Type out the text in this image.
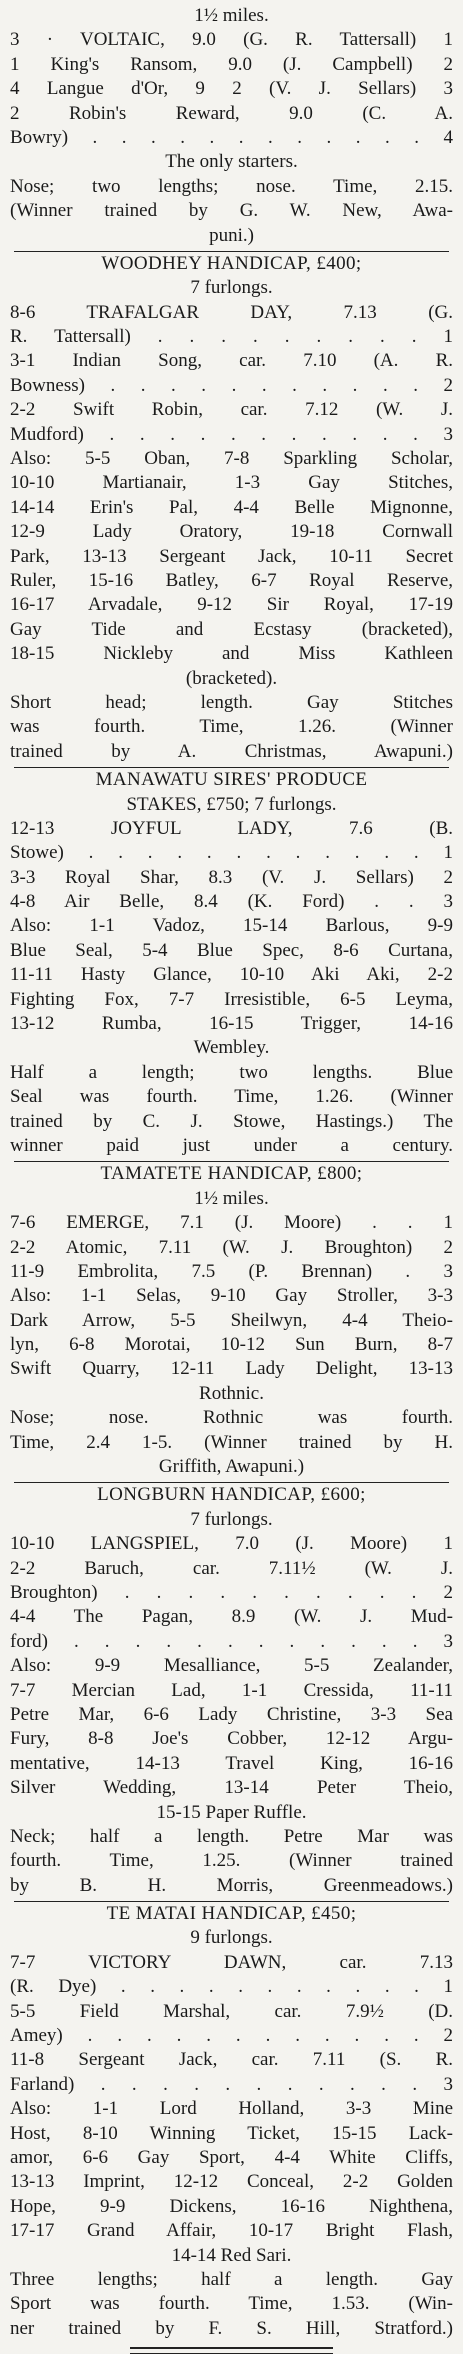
1½ miles.
3 · VOLTAIC, 9.0 (G. R. Tattersall) 1
1 King's Ransom, 9.0 (J. Campbell) 2
4 Langue d'Or, 9 2 (V. J. Sellars) 3
2 Robin's Reward, 9.0 (C. A.
Bowry) . . . . . . . . . . . . 4
The only starters.
Nose; two lengths; nose. Time, 2.15.
(Winner trained by G. W. New, Awa-
puni.)
WOODHEY HANDICAP, £400;
7 furlongs.
8-6 TRAFALGAR DAY, 7.13 (G.
R. Tattersall) . . . . . . . . . 1
3-1 Indian Song, car. 7.10 (A. R.
Bowness) . . . . . . . . . . . 2
2-2 Swift Robin, car. 7.12 (W. J.
Mudford) . . . . . . . . . . . 3
Also: 5-5 Oban, 7-8 Sparkling Scholar,
10-10 Martianair, 1-3 Gay Stitches,
14-14 Erin's Pal, 4-4 Belle Mignonne,
12-9 Lady Oratory, 19-18 Cornwall
Park, 13-13 Sergeant Jack, 10-11 Secret
Ruler, 15-16 Batley, 6-7 Royal Reserve,
16-17 Arvadale, 9-12 Sir Royal, 17-19
Gay Tide and Ecstasy (bracketed),
18-15 Nickleby and Miss Kathleen
(bracketed).
Short head; length. Gay Stitches
was fourth. Time, 1.26. (Winner
trained by A. Christmas, Awapuni.)
MANAWATU SIRES' PRODUCE
STAKES, £750; 7 furlongs.
12-13 JOYFUL LADY, 7.6 (B.
Stowe) . . . . . . . . . . . . 1
3-3 Royal Shar, 8.3 (V. J. Sellars) 2
4-8 Air Belle, 8.4 (K. Ford) . . 3
Also: 1-1 Vadoz, 15-14 Barlous, 9-9
Blue Seal, 5-4 Blue Spec, 8-6 Curtana,
11-11 Hasty Glance, 10-10 Aki Aki, 2-2
Fighting Fox, 7-7 Irresistible, 6-5 Leyma,
13-12 Rumba, 16-15 Trigger, 14-16
Wembley.
Half a length; two lengths. Blue
Seal was fourth. Time, 1.26. (Winner
trained by C. J. Stowe, Hastings.) The
winner paid just under a century.
TAMATETE HANDICAP, £800;
1½ miles.
7-6 EMERGE, 7.1 (J. Moore) . . 1
2-2 Atomic, 7.11 (W. J. Broughton) 2
11-9 Embrolita, 7.5 (P. Brennan) . 3
Also: 1-1 Selas, 9-10 Gay Stroller, 3-3
Dark Arrow, 5-5 Sheilwyn, 4-4 Theio-
lyn, 6-8 Morotai, 10-12 Sun Burn, 8-7
Swift Quarry, 12-11 Lady Delight, 13-13
Rothnic.
Nose; nose. Rothnic was fourth.
Time, 2.4 1-5. (Winner trained by H.
Griffith, Awapuni.)
LONGBURN HANDICAP, £600;
7 furlongs.
10-10 LANGSPIEL, 7.0 (J. Moore) 1
2-2 Baruch, car. 7.11½ (W. J.
Broughton) . . . . . . . . . . 2
4-4 The Pagan, 8.9 (W. J. Mud-
ford) . . . . . . . . . . . . 3
Also: 9-9 Mesalliance, 5-5 Zealander,
7-7 Mercian Lad, 1-1 Cressida, 11-11
Petre Mar, 6-6 Lady Christine, 3-3 Sea
Fury, 8-8 Joe's Cobber, 12-12 Argu-
mentative, 14-13 Travel King, 16-16
Silver Wedding, 13-14 Peter Theio,
15-15 Paper Ruffle.
Neck; half a length. Petre Mar was
fourth. Time, 1.25. (Winner trained
by B. H. Morris, Greenmeadows.)
TE MATAI HANDICAP, £450;
9 furlongs.
7-7 VICTORY DAWN, car. 7.13
(R. Dye) . . . . . . . . . . . 1
5-5 Field Marshal, car. 7.9½ (D.
Amey) . . . . . . . . . . . . 2
11-8 Sergeant Jack, car. 7.11 (S. R.
Farland) . . . . . . . . . . . 3
Also: 1-1 Lord Holland, 3-3 Mine
Host, 8-10 Winning Ticket, 15-15 Lack-
amor, 6-6 Gay Sport, 4-4 White Cliffs,
13-13 Imprint, 12-12 Conceal, 2-2 Golden
Hope, 9-9 Dickens, 16-16 Nighthena,
17-17 Grand Affair, 10-17 Bright Flash,
14-14 Red Sari.
Three lengths; half a length. Gay
Sport was fourth. Time, 1.53. (Win-
ner trained by F. S. Hill, Stratford.)
